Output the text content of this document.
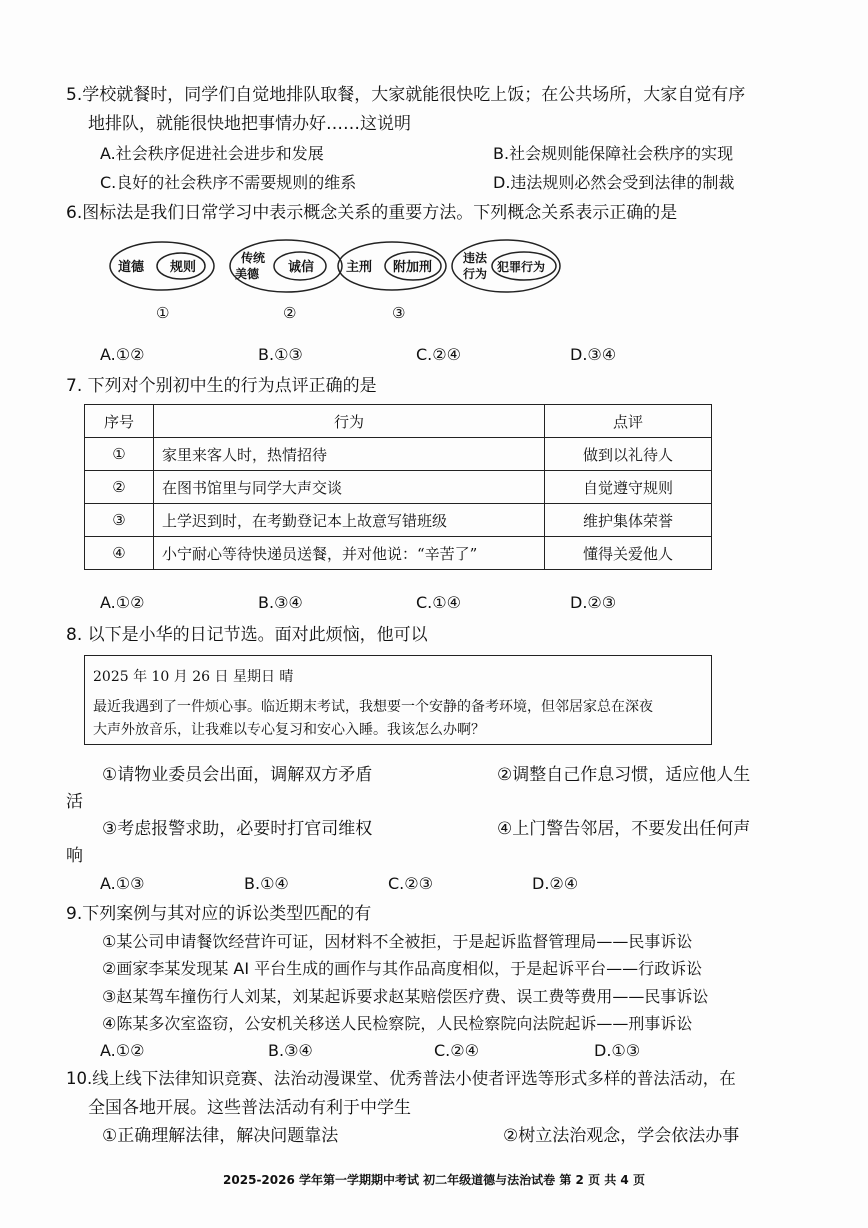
5.学校就餐时，同学们自觉地排队取餐，大家就能很快吃上饭；在公共场所，大家自觉有序
地排队，就能很快地把事情办好……这说明
A.社会秩序促进社会进步和发展	B.社会规则能保障社会秩序的实现
C.良好的社会秩序不需要规则的维系	D.违法规则必然会受到法律的制裁
6.图标法是我们日常学习中表示概念关系的重要方法。下列概念关系表示正确的是
道德 规则
传统
美德 诚信 主刑 附加刑
违法
行为 犯罪行为
①	②	③
A.①②	B.①③	C.②④	D.③④
7. 下列对个别初中生的行为点评正确的是
序号	行为	点评
①	家里来客人时，热情招待	做到以礼待人
②	在图书馆里与同学大声交谈	自觉遵守规则
③	上学迟到时，在考勤登记本上故意写错班级	维护集体荣誉
④	小宁耐心等待快递员送餐，并对他说：“辛苦了”	懂得关爱他人
A.①②	B.③④	C.①④	D.②③
8. 以下是小华的日记节选。面对此烦恼，他可以
2025 年 10 月 26 日 星期日 晴
最近我遇到了一件烦心事。临近期末考试，我想要一个安静的备考环境，但邻居家总在深夜
大声外放音乐，让我难以专心复习和安心入睡。我该怎么办啊？
①请物业委员会出面，调解双方矛盾	②调整自己作息习惯，适应他人生
活
③考虑报警求助，必要时打官司维权	④上门警告邻居，不要发出任何声
响
A.①③	B.①④	C.②③	D.②④
9.下列案例与其对应的诉讼类型匹配的有
①某公司申请餐饮经营许可证，因材料不全被拒，于是起诉监督管理局——民事诉讼
②画家李某发现某 AI 平台生成的画作与其作品高度相似，于是起诉平台——行政诉讼
③赵某驾车撞伤行人刘某，刘某起诉要求赵某赔偿医疗费、误工费等费用——民事诉讼
④陈某多次室盗窃，公安机关移送人民检察院，人民检察院向法院起诉——刑事诉讼
A.①②	B.③④	C.②④	D.①③
10.线上线下法律知识竞赛、法治动漫课堂、优秀普法小使者评选等形式多样的普法活动，在
全国各地开展。这些普法活动有利于中学生
①正确理解法律，解决问题靠法	②树立法治观念，学会依法办事
2025-2026 学年第一学期期中考试 初二年级道德与法治试卷 第 2 页 共 4 页
